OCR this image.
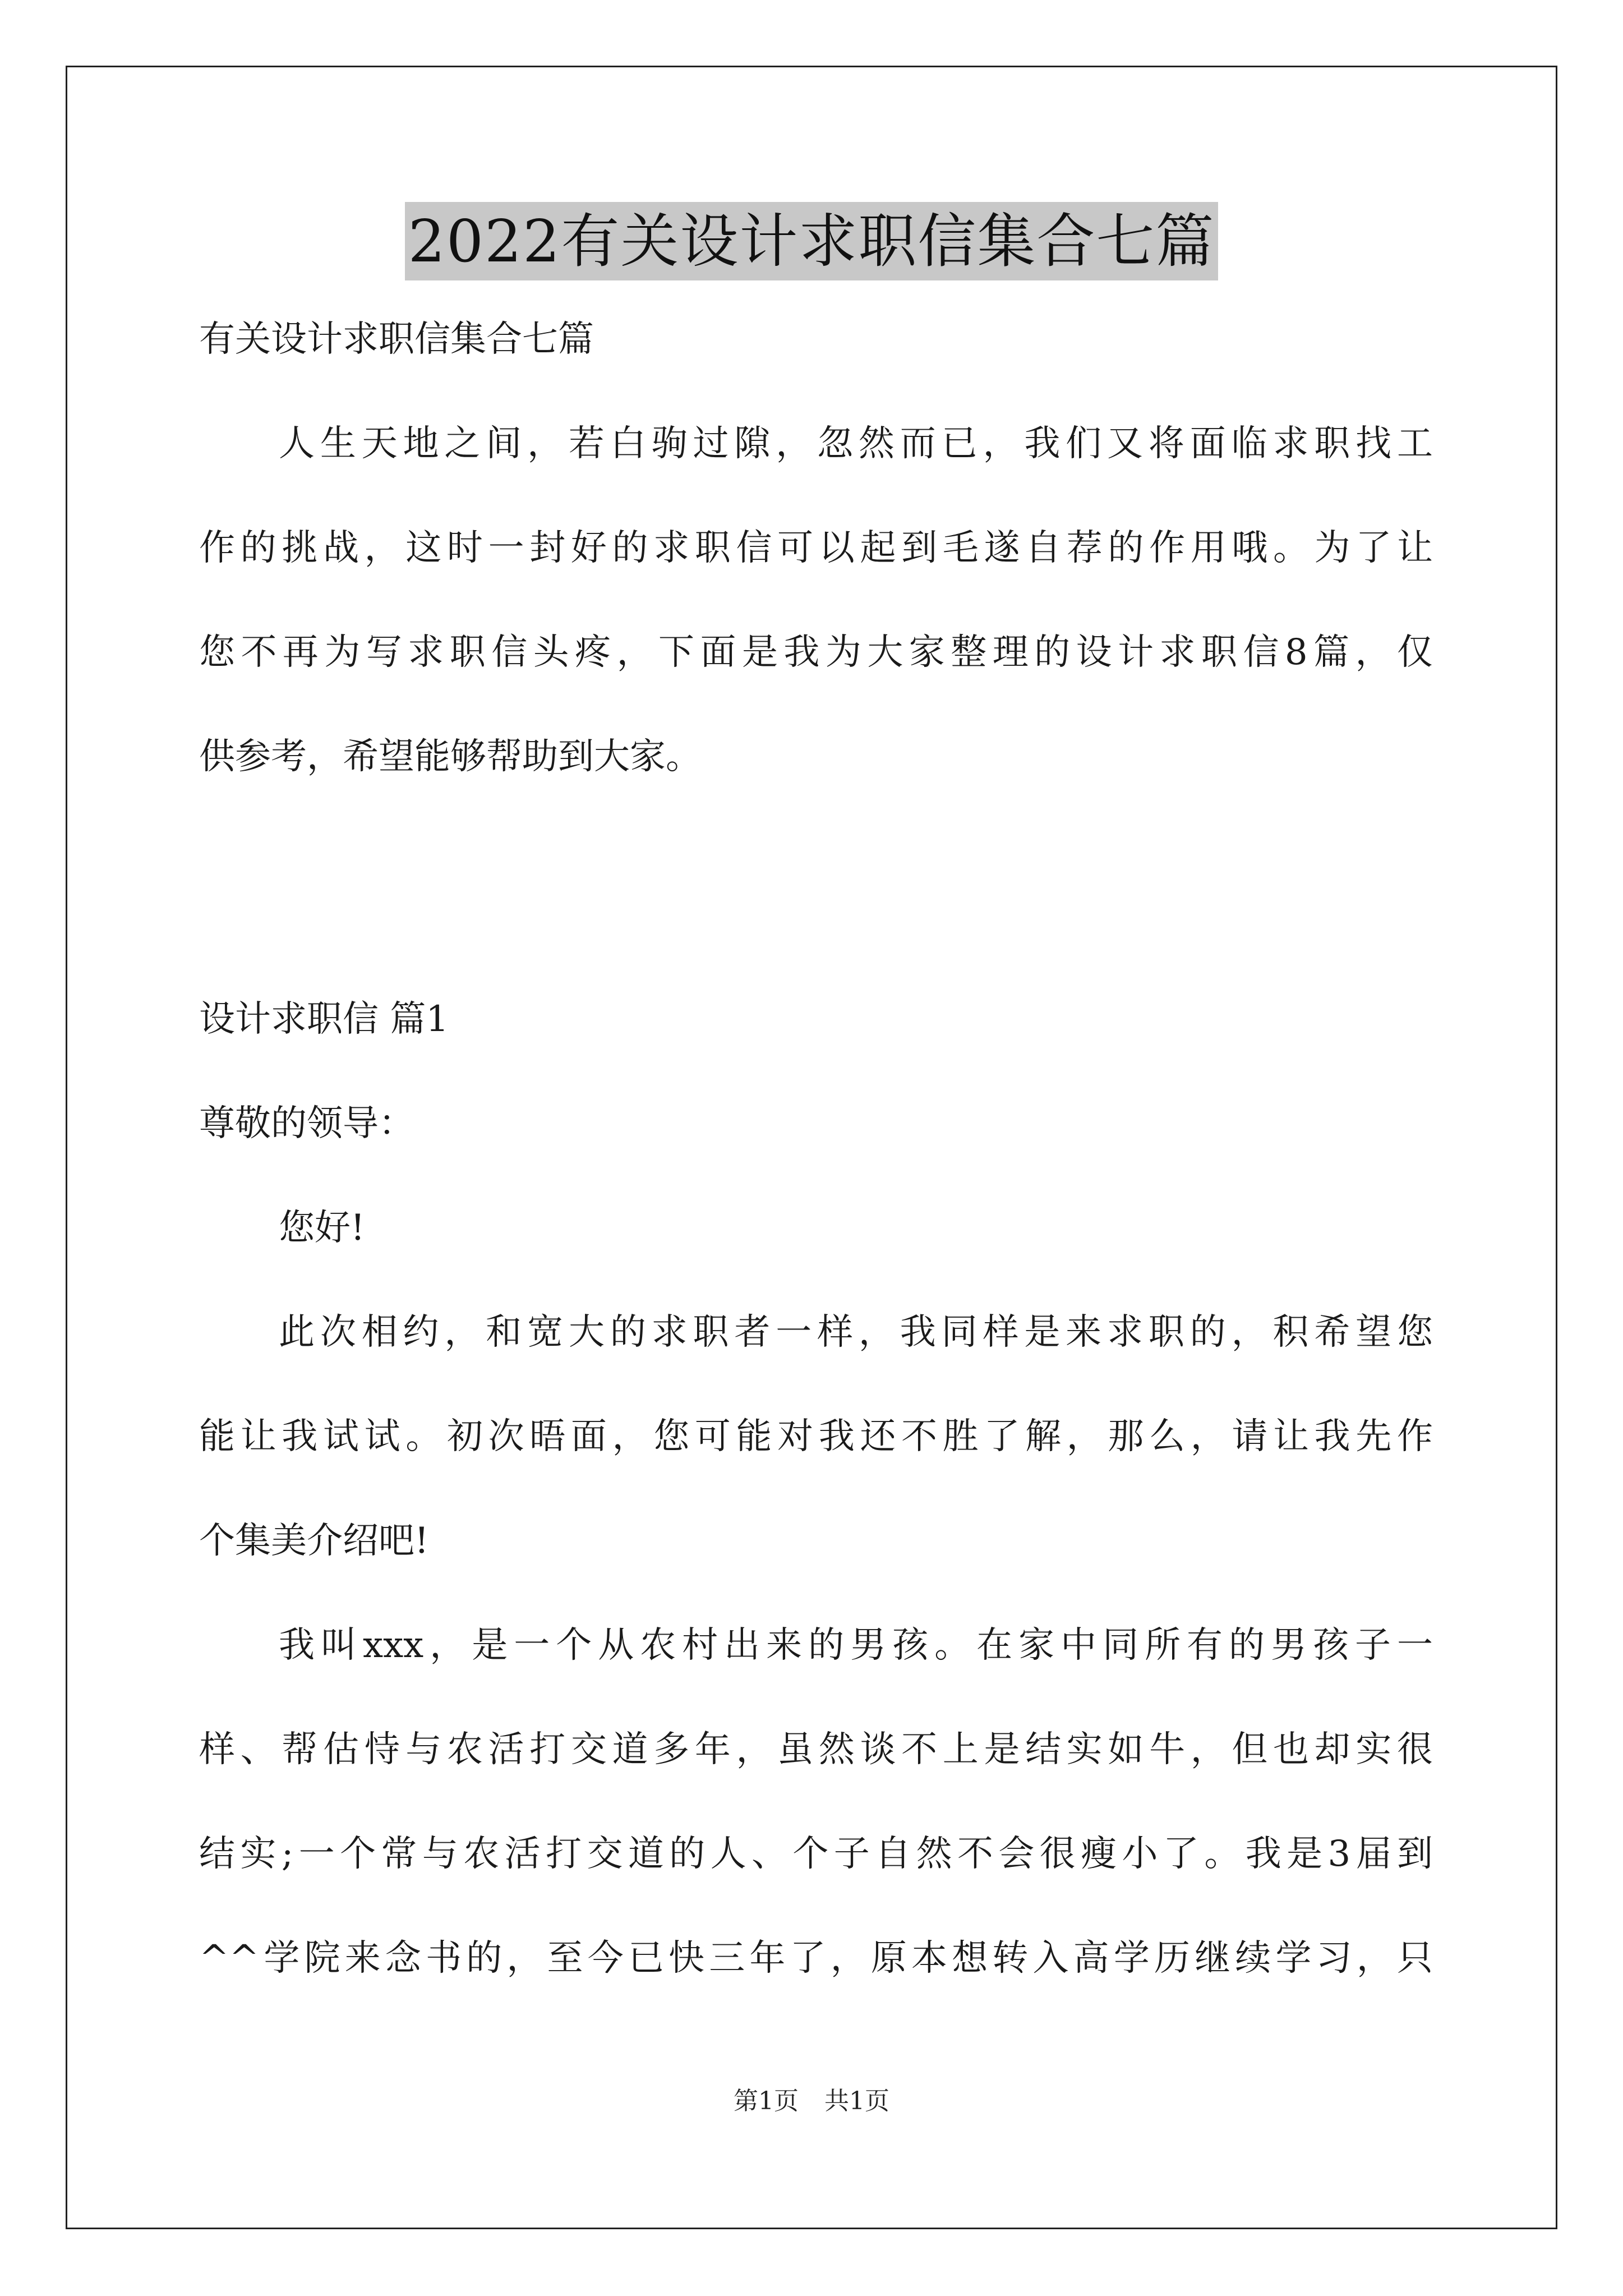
2022有关设计求职信集合七篇
有关设计求职信集合七篇
人生天地之间，若白驹过隙，忽然而已，我们又将面临求职找工
作的挑战，这时一封好的求职信可以起到毛遂自荐的作用哦。为了让
您不再为写求职信头疼，下面是我为大家整理的设计求职信8篇，仅
供参考，希望能够帮助到大家。
设计求职信 篇1
尊敬的领导：
您好!
此次相约，和宽大的求职者一样，我同样是来求职的，积希望您
能让我试试。初次晤面，您可能对我还不胜了解，那么，请让我先作
个集美介绍吧!
我叫xxx，是一个从农村出来的男孩。在家中同所有的男孩子一
样、帮估恃与农活打交道多年，虽然谈不上是结实如牛，但也却实很
结实;一个常与农活打交道的人、个子自然不会很瘦小了。我是3届到
^^学院来念书的，至今已快三年了，原本想转入高学历继续学习，只
第1页 共1页
